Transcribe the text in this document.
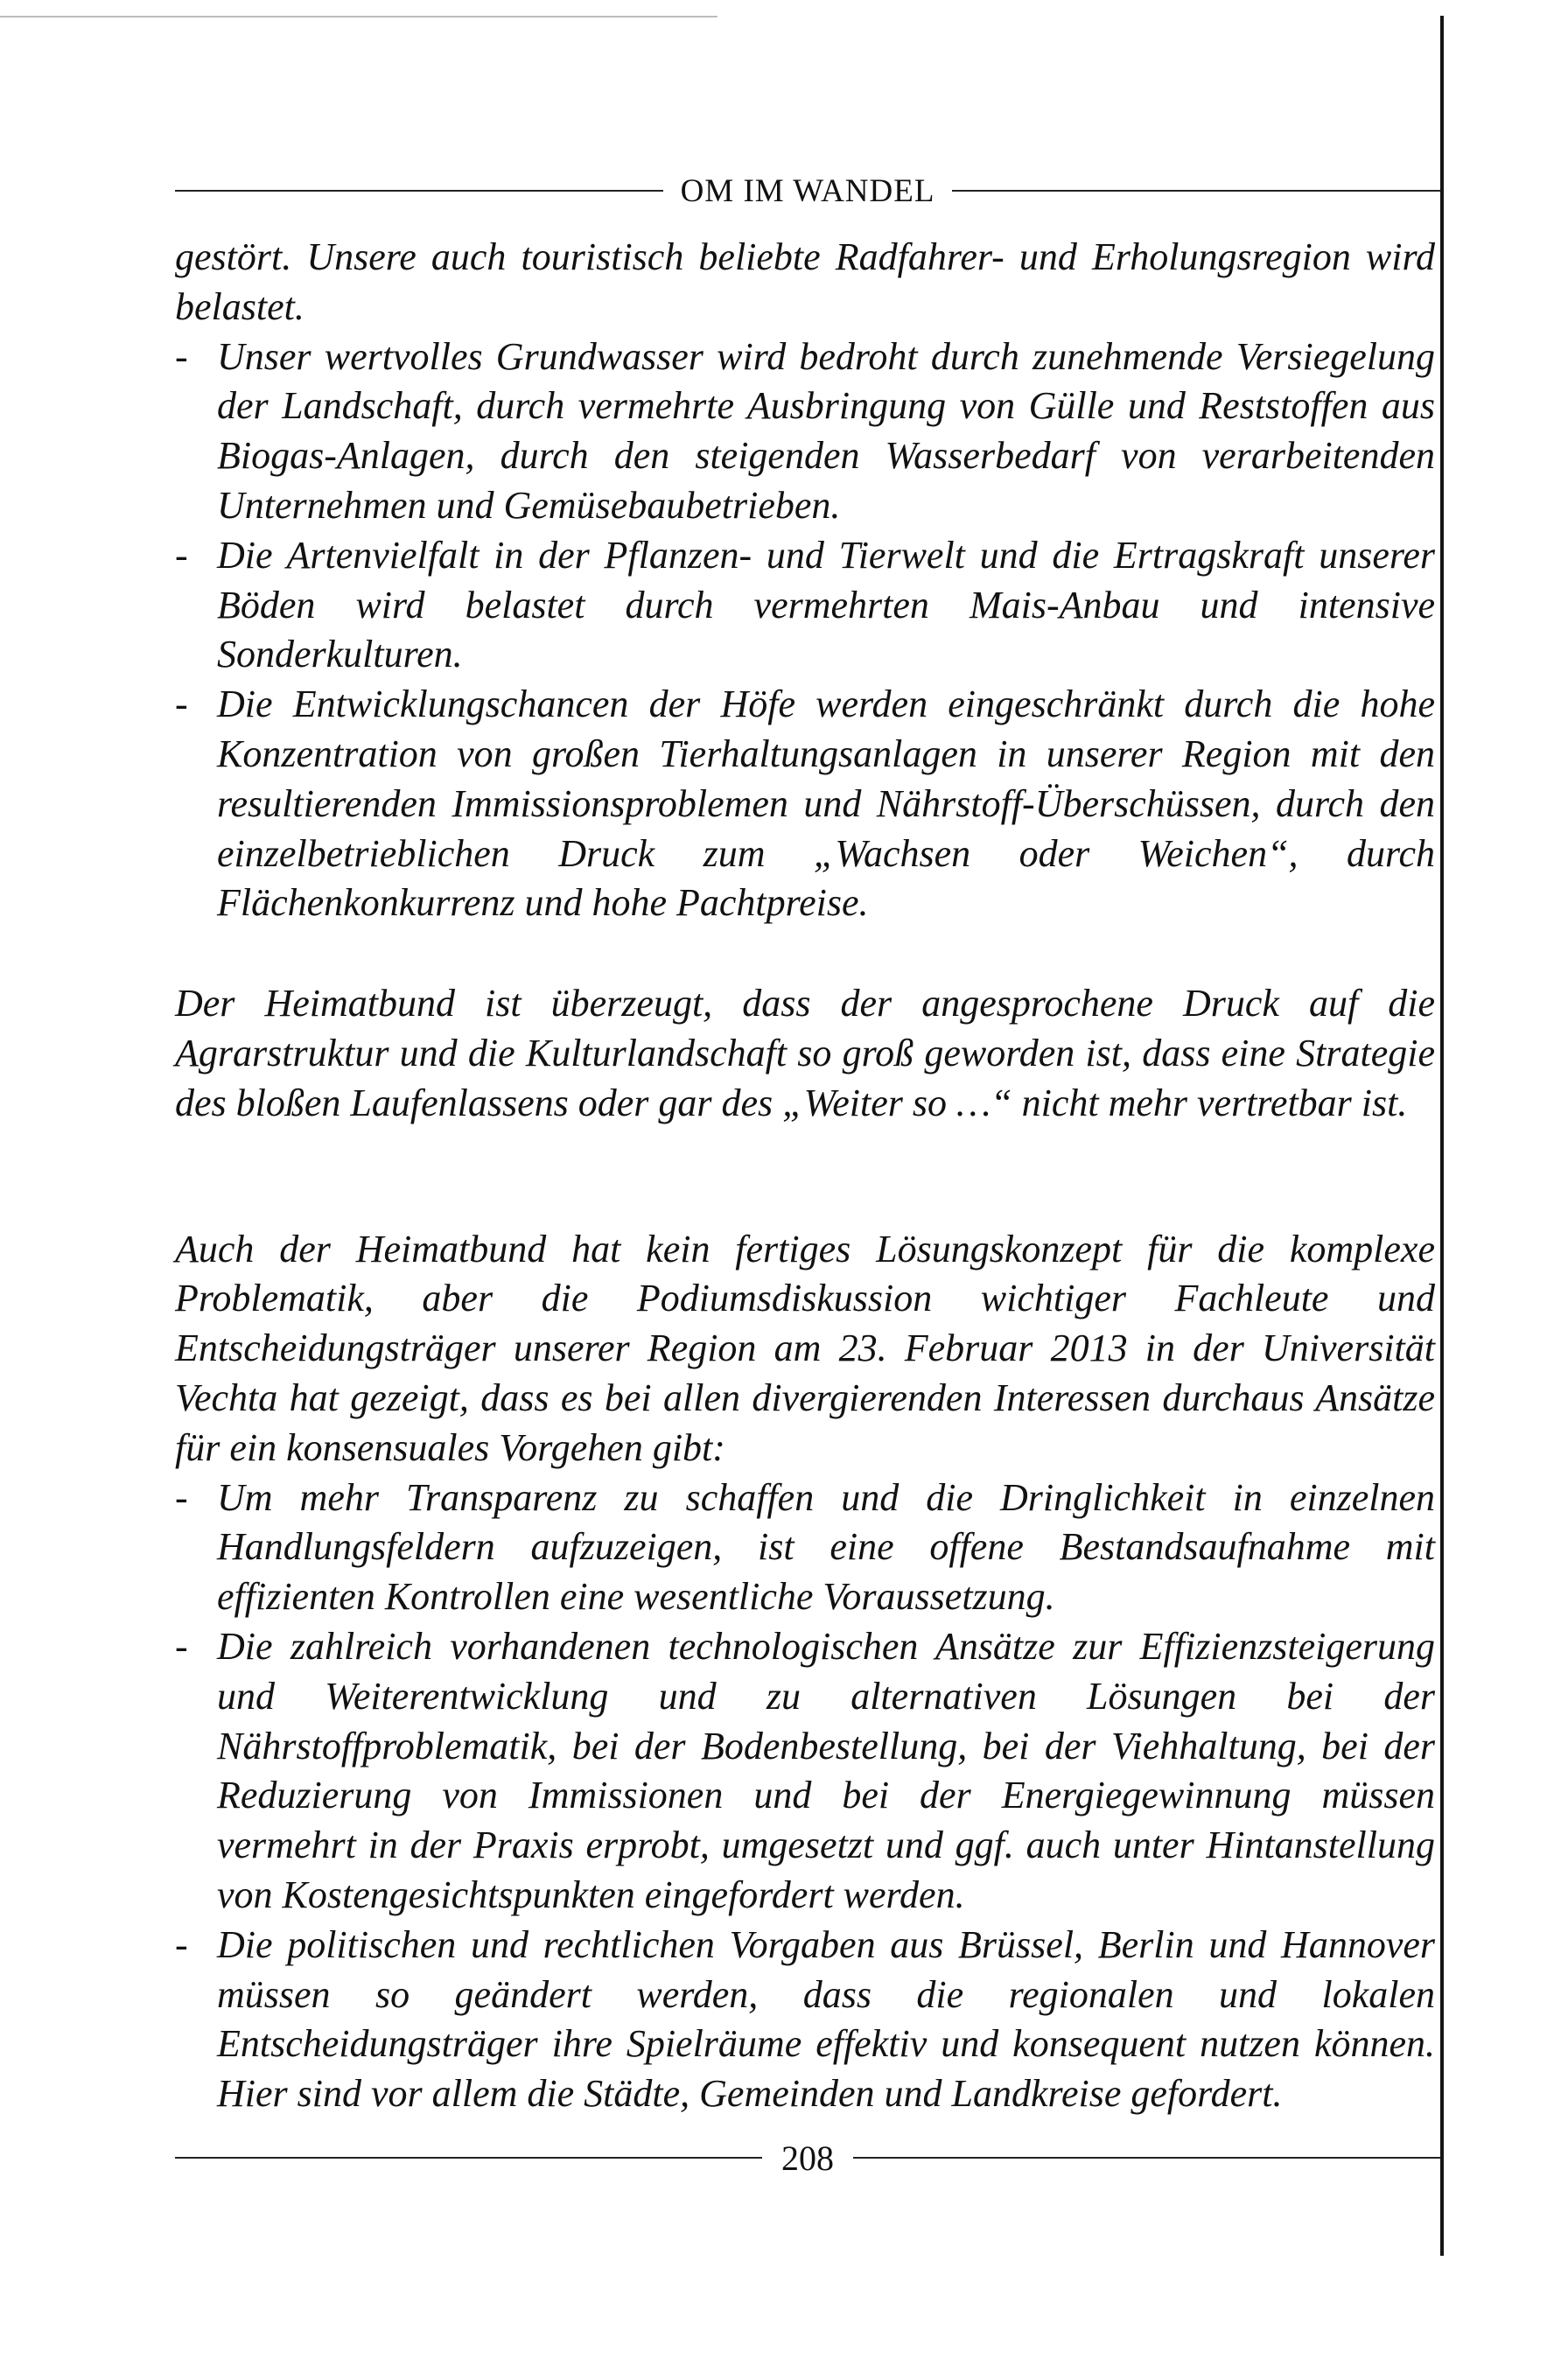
OM IM WANDEL

gestört. Unsere auch touristisch beliebte Radfahrer- und Erholungsregion wird belastet.

- Unser wertvolles Grundwasser wird bedroht durch zunehmende Versiegelung der Landschaft, durch vermehrte Ausbringung von Gülle und Reststoffen aus Biogas-Anlagen, durch den steigenden Wasserbedarf von verarbeitenden Unternehmen und Gemüsebaubetrieben.
- Die Artenvielfalt in der Pflanzen- und Tierwelt und die Ertragskraft unserer Böden wird belastet durch vermehrten Mais-Anbau und intensive Sonderkulturen.
- Die Entwicklungschancen der Höfe werden eingeschränkt durch die hohe Konzentration von großen Tierhaltungsanlagen in unserer Region mit den resultierenden Immissionsproblemen und Nährstoff-Überschüssen, durch den einzelbetrieblichen Druck zum „Wachsen oder Weichen“, durch Flächenkonkurrenz und hohe Pachtpreise.

Der Heimatbund ist überzeugt, dass der angesprochene Druck auf die Agrarstruktur und die Kulturlandschaft so groß geworden ist, dass eine Strategie des bloßen Laufenlassens oder gar des „Weiter so …“ nicht mehr vertretbar ist.

Auch der Heimatbund hat kein fertiges Lösungskonzept für die komplexe Problematik, aber die Podiumsdiskussion wichtiger Fachleute und Entscheidungsträger unserer Region am 23. Februar 2013 in der Universität Vechta hat gezeigt, dass es bei allen divergierenden Interessen durchaus Ansätze für ein konsensuales Vorgehen gibt:

- Um mehr Transparenz zu schaffen und die Dringlichkeit in einzelnen Handlungsfeldern aufzuzeigen, ist eine offene Bestandsaufnahme mit effizienten Kontrollen eine wesentliche Voraussetzung.
- Die zahlreich vorhandenen technologischen Ansätze zur Effizienzsteigerung und Weiterentwicklung und zu alternativen Lösungen bei der Nährstoffproblematik, bei der Bodenbestellung, bei der Viehhaltung, bei der Reduzierung von Immissionen und bei der Energiegewinnung müssen vermehrt in der Praxis erprobt, umgesetzt und ggf. auch unter Hintanstellung von Kostengesichtspunkten eingefordert werden.
- Die politischen und rechtlichen Vorgaben aus Brüssel, Berlin und Hannover müssen so geändert werden, dass die regionalen und lokalen Entscheidungsträger ihre Spielräume effektiv und konsequent nutzen können. Hier sind vor allem die Städte, Gemeinden und Landkreise gefordert.
208
